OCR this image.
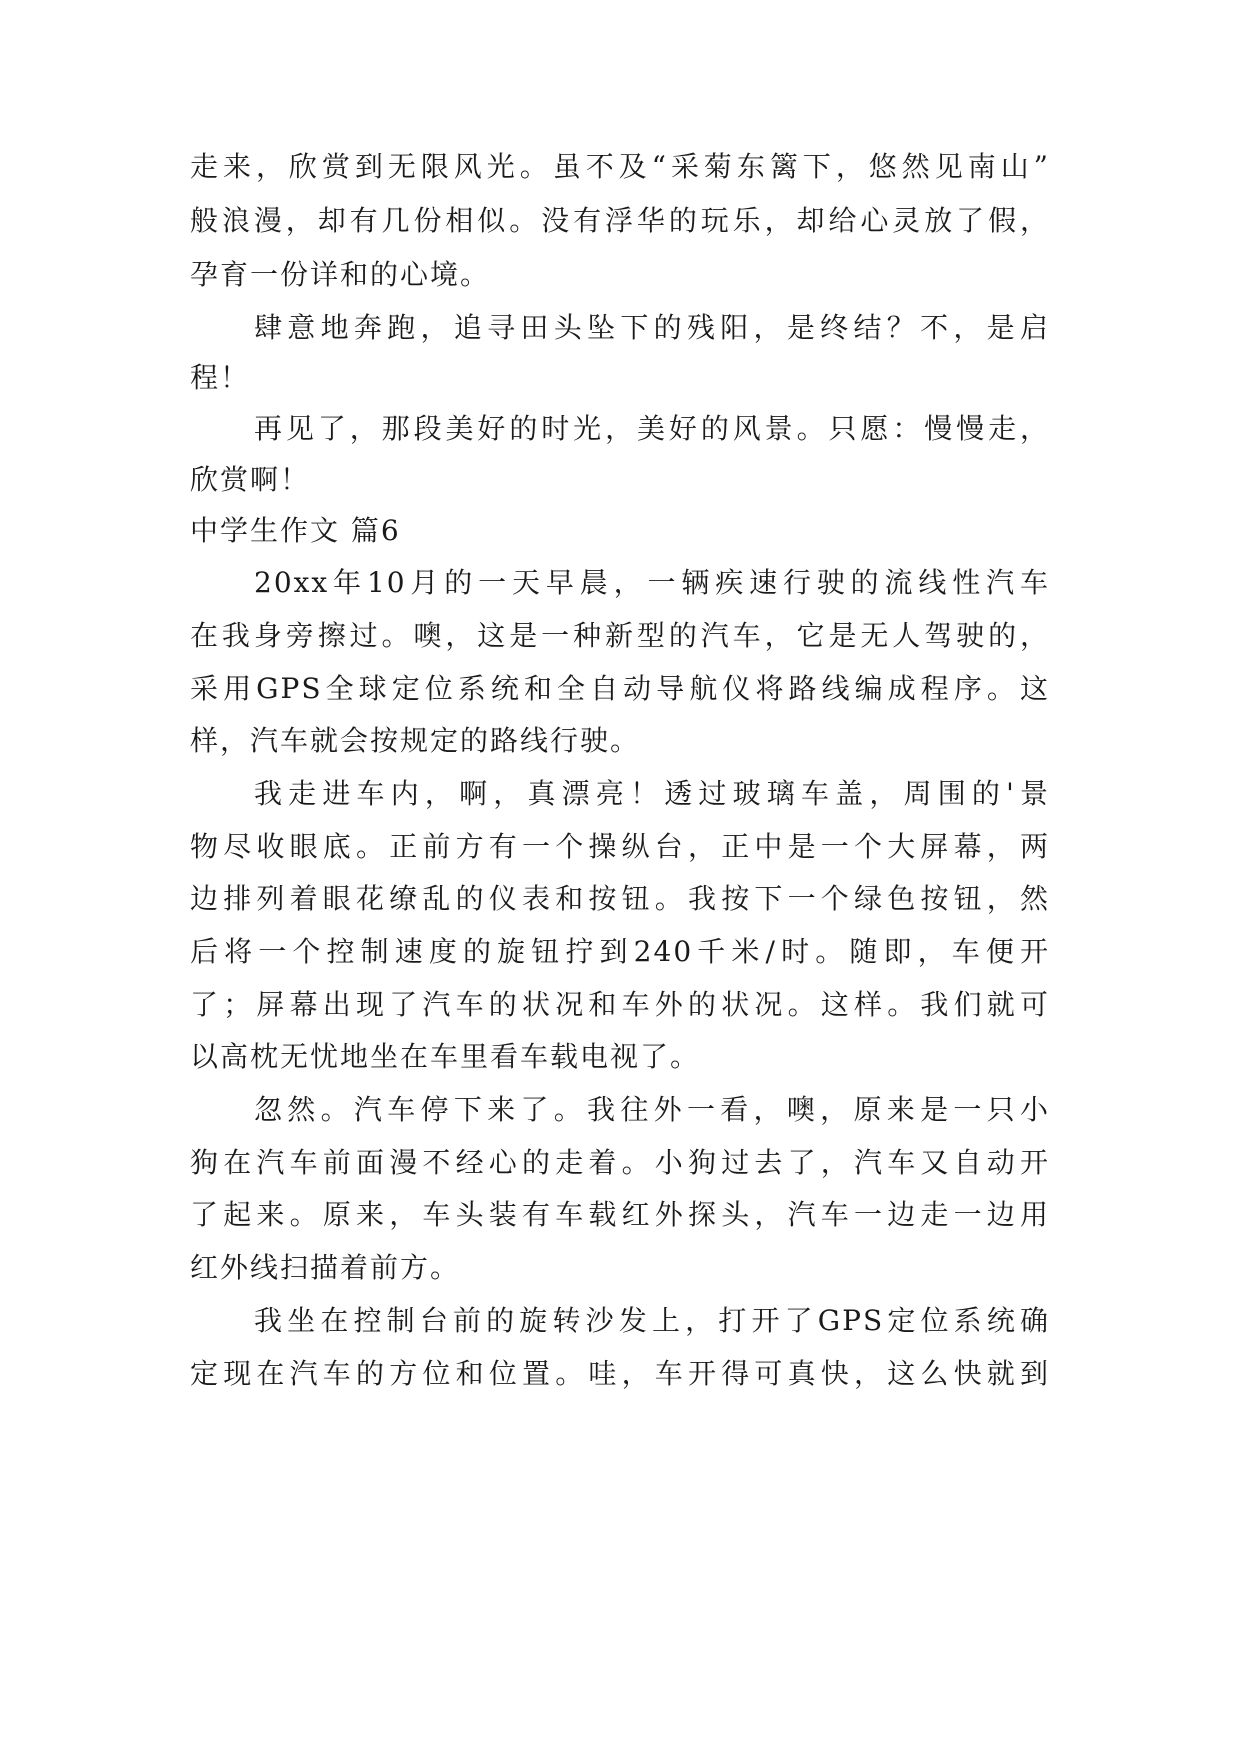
走来，欣赏到无限风光。虽不及“采菊东篱下，悠然见南山”
般浪漫，却有几份相似。没有浮华的玩乐，却给心灵放了假，
孕育一份详和的心境。
肆意地奔跑，追寻田头坠下的残阳，是终结？不，是启
程！
再见了，那段美好的时光，美好的风景。只愿：慢慢走，
欣赏啊！
中学生作文 篇6
20xx年10月的一天早晨，一辆疾速行驶的流线性汽车
在我身旁擦过。噢，这是一种新型的汽车，它是无人驾驶的，
采用GPS全球定位系统和全自动导航仪将路线编成程序。这
样，汽车就会按规定的路线行驶。
我走进车内，啊，真漂亮！透过玻璃车盖，周围的'景
物尽收眼底。正前方有一个操纵台，正中是一个大屏幕，两
边排列着眼花缭乱的仪表和按钮。我按下一个绿色按钮，然
后将一个控制速度的旋钮拧到240千米/时。随即，车便开
了；屏幕出现了汽车的状况和车外的状况。这样。我们就可
以高枕无忧地坐在车里看车载电视了。
忽然。汽车停下来了。我往外一看，噢，原来是一只小
狗在汽车前面漫不经心的走着。小狗过去了，汽车又自动开
了起来。原来，车头装有车载红外探头，汽车一边走一边用
红外线扫描着前方。
我坐在控制台前的旋转沙发上，打开了GPS定位系统确
定现在汽车的方位和位置。哇，车开得可真快，这么快就到
